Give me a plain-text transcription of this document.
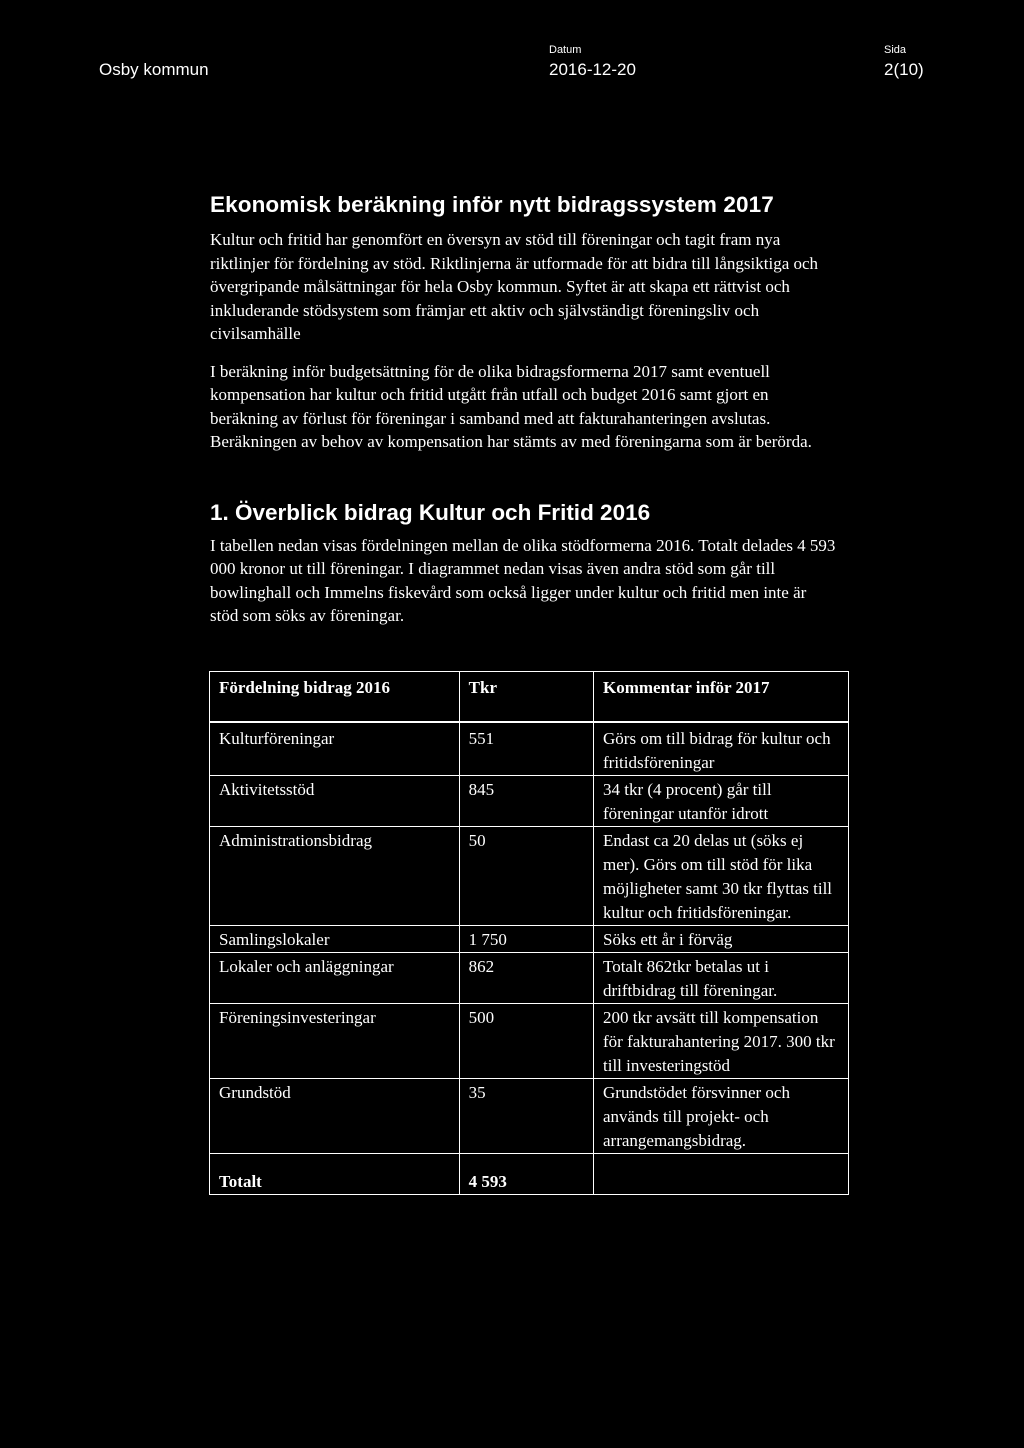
Osby kommun
Datum
2016-12-20
Sida
2(10)
Ekonomisk beräkning inför nytt bidragssystem 2017

Kultur och fritid har genomfört en översyn av stöd till föreningar och tagit fram nya riktlinjer för fördelning av stöd. Riktlinjerna är utformade för att bidra till långsiktiga och övergripande målsättningar för hela Osby kommun. Syftet är att skapa ett rättvist och inkluderande stödsystem som främjar ett aktiv och självständigt föreningsliv och civilsamhälle

I beräkning inför budgetsättning för de olika bidragsformerna 2017 samt eventuell kompensation har kultur och fritid utgått från utfall och budget 2016 samt gjort en beräkning av förlust för föreningar i samband med att fakturahanteringen avslutas. Beräkningen av behov av kompensation har stämts av med föreningarna som är berörda.

1. Överblick bidrag Kultur och Fritid 2016

I tabellen nedan visas fördelningen mellan de olika stödformerna 2016. Totalt delades 4 593 000 kronor ut till föreningar. I diagrammet nedan visas även andra stöd som går till bowlinghall och Immelns fiskevård som också ligger under kultur och fritid men inte är stöd som söks av föreningar.

Fördelning bidrag 2016	Tkr	Kommentar inför 2017
Kulturföreningar	551	Görs om till bidrag för kultur och fritidsföreningar
Aktivitetsstöd	845	34 tkr (4 procent) går till föreningar utanför idrott
Administrationsbidrag	50	Endast ca 20 delas ut (söks ej mer). Görs om till stöd för lika möjligheter samt 30 tkr flyttas till kultur och fritidsföreningar.
Samlingslokaler	1 750	Söks ett år i förväg
Lokaler och anläggningar	862	Totalt 862tkr betalas ut i driftbidrag till föreningar.
Föreningsinvesteringar	500	200 tkr avsätt till kompensation för fakturahantering 2017. 300 tkr till investeringstöd
Grundstöd	35	Grundstödet försvinner och används till projekt- och arrangemangsbidrag.
Totalt	4 593	
